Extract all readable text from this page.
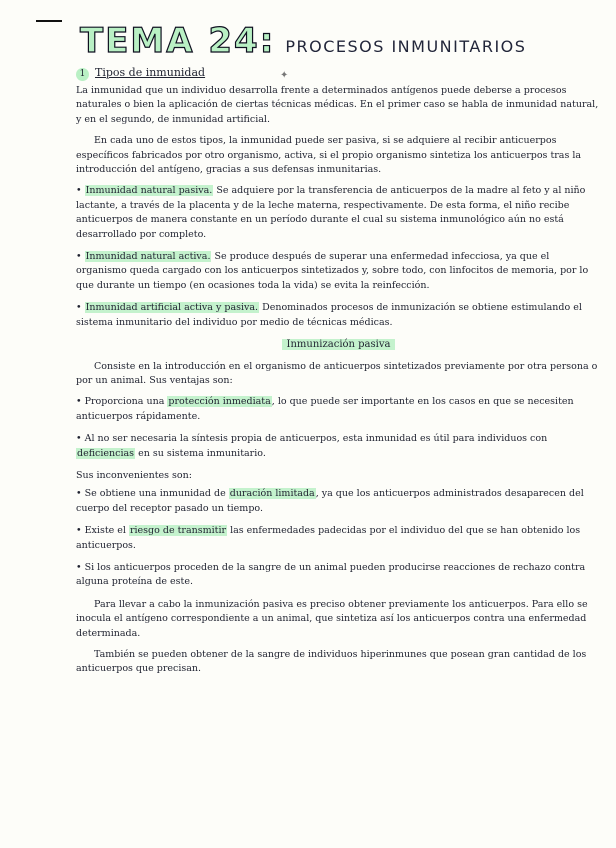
TEMA 24: PROCESOS INMUNITARIOS
✦
1 Tipos de inmunidad

La inmunidad que un individuo desarrolla frente a determinados antígenos puede deberse a procesos naturales o bien la aplicación de ciertas técnicas médicas. En el primer caso se habla de inmunidad natural, y en el segundo, de inmunidad artificial.

En cada uno de estos tipos, la inmunidad puede ser pasiva, si se adquiere al recibir anticuerpos específicos fabricados por otro organismo, activa, si el propio organismo sintetiza los anticuerpos tras la introducción del antígeno, gracias a sus defensas inmunitarias.

• Inmunidad natural pasiva. Se adquiere por la transferencia de anticuerpos de la madre al feto y al niño lactante, a través de la placenta y de la leche materna, respectivamente. De esta forma, el niño recibe anticuerpos de manera constante en un período durante el cual su sistema inmunológico aún no está desarrollado por completo.
• Inmunidad natural activa. Se produce después de superar una enfermedad infecciosa, ya que el organismo queda cargado con los anticuerpos sintetizados y, sobre todo, con linfocitos de memoria, por lo que durante un tiempo (en ocasiones toda la vida) se evita la reinfección.
• Inmunidad artificial activa y pasiva. Denominados procesos de inmunización se obtiene estimulando el sistema inmunitario del individuo por medio de técnicas médicas.
Inmunización pasiva

Consiste en la introducción en el organismo de anticuerpos sintetizados previamente por otra persona o por un animal. Sus ventajas son:

• Proporciona una protección inmediata, lo que puede ser importante en los casos en que se necesiten anticuerpos rápidamente.
• Al no ser necesaria la síntesis propia de anticuerpos, esta inmunidad es útil para individuos con deficiencias en su sistema inmunitario.

Sus inconvenientes son:

• Se obtiene una inmunidad de duración limitada, ya que los anticuerpos administrados desaparecen del cuerpo del receptor pasado un tiempo.
• Existe el riesgo de transmitir las enfermedades padecidas por el individuo del que se han obtenido los anticuerpos.
• Si los anticuerpos proceden de la sangre de un animal pueden producirse reacciones de rechazo contra alguna proteína de este.

Para llevar a cabo la inmunización pasiva es preciso obtener previamente los anticuerpos. Para ello se inocula el antígeno correspondiente a un animal, que sintetiza así los anticuerpos contra una enfermedad determinada.

También se pueden obtener de la sangre de individuos hiperinmunes que posean gran cantidad de los anticuerpos que precisan.
